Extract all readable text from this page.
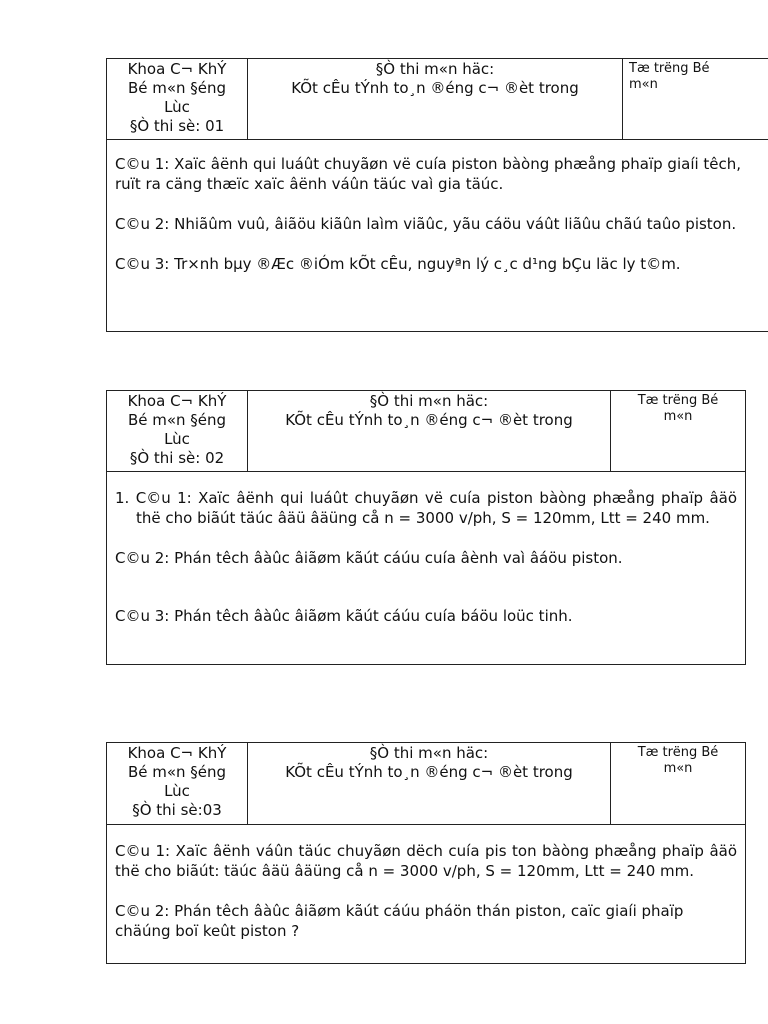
Khoa C¬ KhÝ
Bé m«n §éng
Lùc
§Ò thi sè: 01
§Ò thi m«n häc:
KÕt cÊu tÝnh to¸n ®éng c¬ ®èt trong
Tæ trëng Bé
m«n

C©u 1: Xaïc âënh qui luáût chuyãøn vë cuía piston bàòng phæång phaïp giaíi têch, ruït ra cäng thæïc xaïc âënh váûn täúc vaì gia täúc.

C©u 2: Nhiãûm vuû, âiãöu kiãûn laìm viãûc, yãu cáöu váût liãûu chãú taûo piston.

C©u 3: Tr×nh bµy ®Æc ®iÓm kÕt cÊu, nguyªn lý c¸c d¹ng bÇu läc ly t©m.

Khoa C¬ KhÝ
Bé m«n §éng
Lùc
§Ò thi sè: 02
§Ò thi m«n häc:
KÕt cÊu tÝnh to¸n ®éng c¬ ®èt trong
Tæ trëng Bé
m«n

1. C©u 1: Xaïc âënh qui luáût chuyãøn vë cuía piston bàòng phæång phaïp âäö thë cho biãút täúc âäü âäüng cå n = 3000 v/ph, S = 120mm, Ltt = 240 mm.

C©u 2: Phán têch âàûc âiãøm kãút cáúu cuía âènh vaì âáöu piston.

C©u 3: Phán têch âàûc âiãøm kãút cáúu cuía báöu loüc tinh.

Khoa C¬ KhÝ
Bé m«n §éng
Lùc
§Ò thi sè:03
§Ò thi m«n häc:
KÕt cÊu tÝnh to¸n ®éng c¬ ®èt trong
Tæ trëng Bé
m«n

C©u 1: Xaïc âënh váûn täúc chuyãøn dëch cuía pis ton bàòng phæång phaïp âäö thë cho biãút: täúc âäü âäüng cå n = 3000 v/ph, S = 120mm, Ltt = 240 mm.

C©u 2: Phán têch âàûc âiãøm kãút cáúu pháön thán piston, caïc giaíi phaïp chäúng boï keût piston ?
